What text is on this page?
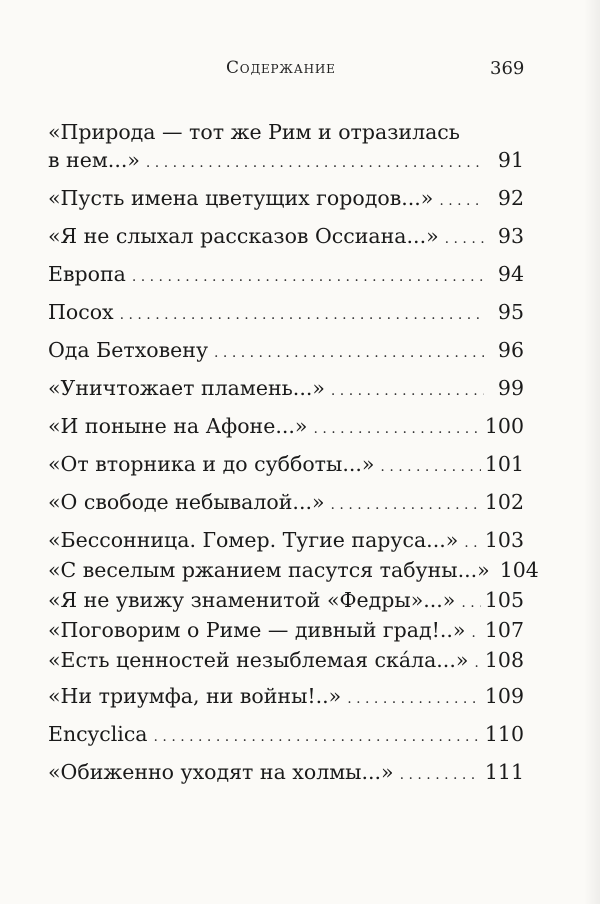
Содержание	369
«Природа — тот же Рим и отразилась
в нем...» . . .	91
«Пусть имена цветущих городов...» . . .	92
«Я не слыхал рассказов Оссиана...» . . .	93
Европа . . .	94
Посох . . .	95
Ода Бетховену . . .	96
«Уничтожает пламень...» . . .	99
«И поныне на Афоне...» . . .	100
«От вторника и до субботы...» . . .	101
«О свободе небывалой...» . . .	102
«Бессонница. Гомер. Тугие паруса...» . . . 103
«С веселым ржанием пасутся табуны...» 104
«Я не увижу знаменитой «Федры»...» . . . 105
«Поговорим о Риме — дивный град!..» . . . 107
«Есть ценностей незыблемая ска́ла...» . . . 108
«Ни триумфа, ни войны!..» . . .	109
Encyclica . . .	110
«Обиженно уходят на холмы...» . . .	111
